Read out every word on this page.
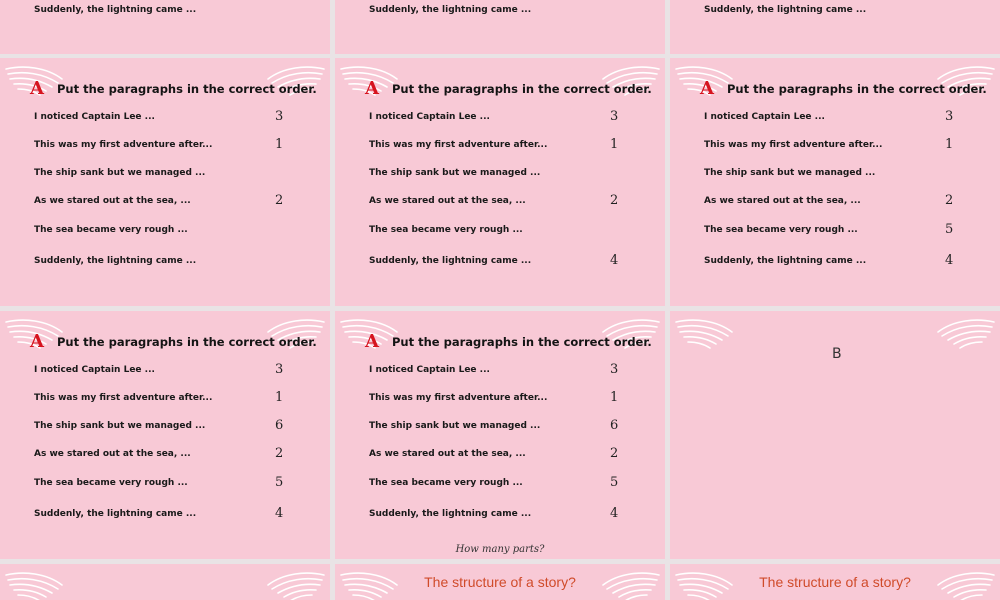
Suddenly, the lightning came ...	Suddenly, the lightning came ...	Suddenly, the lightning came ...
A Put the paragraphs in the correct order.
I noticed Captain Lee ...	3
This was my first adventure after...	1
The ship sank but we managed ...
As we stared out at the sea, ...	2
The sea became very rough ...
Suddenly, the lightning came ...
A Put the paragraphs in the correct order.
I noticed Captain Lee ...	3
This was my first adventure after...	1
The ship sank but we managed ...
As we stared out at the sea, ...	2
The sea became very rough ...
Suddenly, the lightning came ...	4
A Put the paragraphs in the correct order.
I noticed Captain Lee ...	3
This was my first adventure after...	1
The ship sank but we managed ...
As we stared out at the sea, ...	2
The sea became very rough ...	5
Suddenly, the lightning came ...	4
A Put the paragraphs in the correct order.
I noticed Captain Lee ...	3
This was my first adventure after...	1
The ship sank but we managed ...	6
As we stared out at the sea, ...	2
The sea became very rough ...	5
Suddenly, the lightning came ...	4
How many parts?
A Put the paragraphs in the correct order.
I noticed Captain Lee ...	3
This was my first adventure after...	1
The ship sank but we managed ...	6
As we stared out at the sea, ...	2
The sea became very rough ...	5
Suddenly, the lightning came ...	4
B
The structure of a story?	The structure of a story?
